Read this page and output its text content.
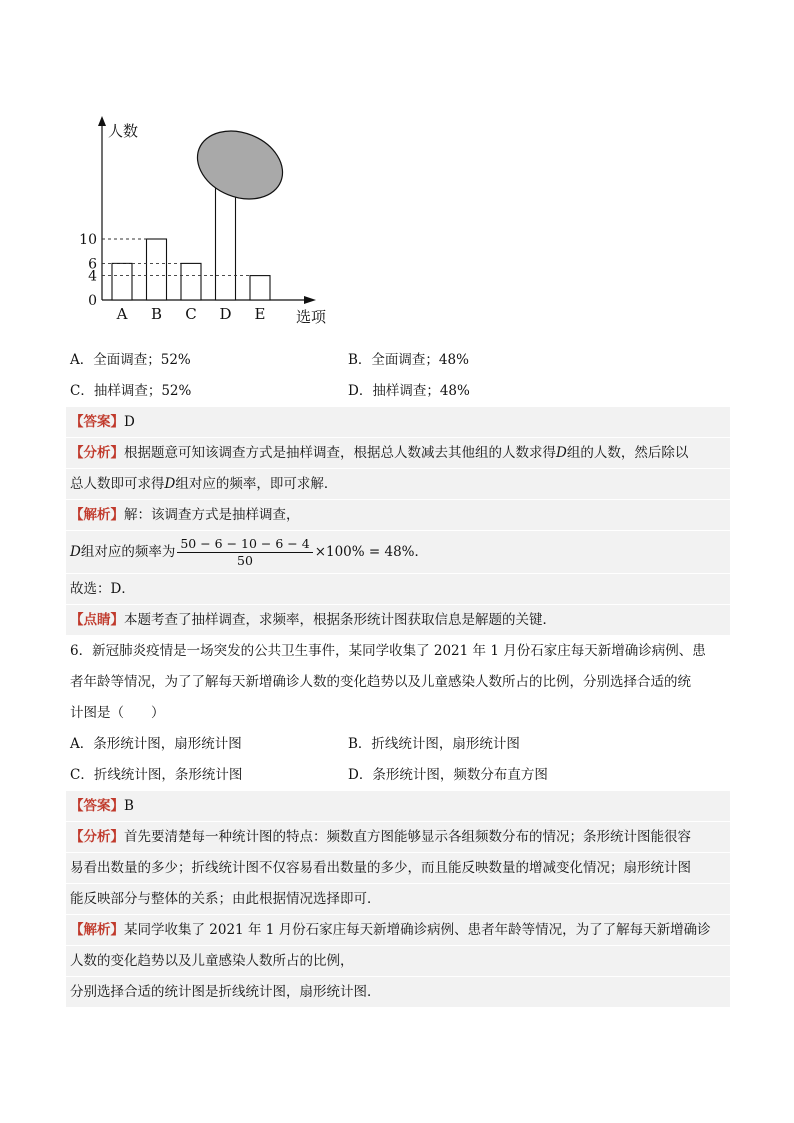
人数
选项
0
4
6
10
A B C D E
A．全面调查；52%	B．全面调查；48%
C．抽样调查；52%	D．抽样调查；48%
【答案】D
【分析】根据题意可知该调查方式是抽样调查，根据总人数减去其他组的人数求得D组的人数，然后除以
总人数即可求得D组对应的频率，即可求解．
【解析】解：该调查方式是抽样调查，
D组对应的频率为 $\frac{50 - 6 - 10 - 6 - 4}{50} \times 100\% = 48\%$．
故选：D．
【点睛】本题考查了抽样调查，求频率，根据条形统计图获取信息是解题的关键．
6．新冠肺炎疫情是一场突发的公共卫生事件，某同学收集了 2021 年 1 月份石家庄每天新增确诊病例、患
者年龄等情况，为了了解每天新增确诊人数的变化趋势以及儿童感染人数所占的比例，分别选择合适的统
计图是（　　）
A．条形统计图，扇形统计图	B．折线统计图，扇形统计图
C．折线统计图，条形统计图	D．条形统计图，频数分布直方图
【答案】B
【分析】首先要清楚每一种统计图的特点：频数直方图能够显示各组频数分布的情况；条形统计图能很容
易看出数量的多少；折线统计图不仅容易看出数量的多少，而且能反映数量的增减变化情况；扇形统计图
能反映部分与整体的关系；由此根据情况选择即可．
【解析】某同学收集了 2021 年 1 月份石家庄每天新增确诊病例、患者年龄等情况，为了了解每天新增确诊
人数的变化趋势以及儿童感染人数所占的比例，
分别选择合适的统计图是折线统计图，扇形统计图．
